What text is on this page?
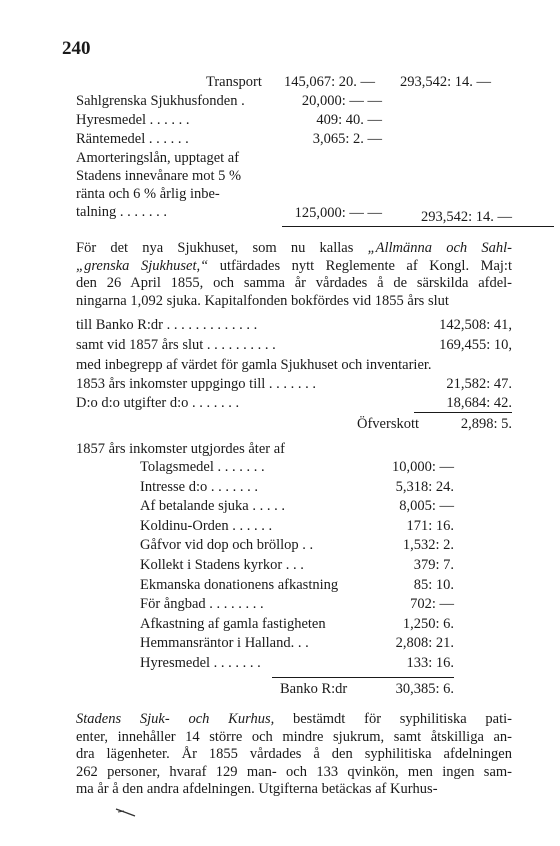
240
Transport 145,067: 20. — 293,542: 14. —
Sahlgrenska Sjukhusfonden .	20,000: — —
Hyresmedel . . . . . .	409: 40. —
Räntemedel . . . . . .	3,065: 2. —
Amorteringslån, upptaget af
Stadens innevånare mot 5 %
ränta och 6 % årlig inbe-
talning . . . . . . .	125,000: — —	293,542: 14. —
För det nya Sjukhuset, som nu kallas „Allmänna och Sahl-
„grenska Sjukhuset,“ utfärdades nytt Reglemente af Kongl. Maj:t
den 26 April 1855, och samma år vårdades å de särskilda afdel-
ningarna 1,092 sjuka. Kapitalfonden bokfördes vid 1855 års slut
till Banko R:dr . . . . . . . . . . . . .	142,508: 41,
samt vid 1857 års slut . . . . . . . . . .	169,455: 10,
med inbegrepp af värdet för gamla Sjukhuset och inventarier.
1853 års inkomster uppgingo till . . . . . . .	21,582: 47.
D:o d:o utgifter d:o . . . . . . .	18,684: 42.
Öfverskott	2,898: 5.
1857 års inkomster utgjordes åter af
Tolagsmedel . . . . . . .	10,000: —
Intresse d:o . . . . . . .	5,318: 24.
Af betalande sjuka . . . . .	8,005: —
Koldinu-Orden . . . . . .	171: 16.
Gåfvor vid dop och bröllop . .	1,532: 2.
Kollekt i Stadens kyrkor . . .	379: 7.
Ekmanska donationens afkastning	85: 10.
För ångbad . . . . . . . .	702: —
Afkastning af gamla fastigheten	1,250: 6.
Hemmansräntor i Halland. . .	2,808: 21.
Hyresmedel . . . . . . .	133: 16.
Banko R:dr	30,385: 6.
Stadens Sjuk- och Kurhus, bestämdt för syphilitiska pati-
enter, innehåller 14 större och mindre sjukrum, samt åtskilliga an-
dra lägenheter. År 1855 vårdades å den syphilitiska afdelningen
262 personer, hvaraf 129 man- och 133 qvinkön, men ingen sam-
ma år å den andra afdelningen. Utgifterna betäckas af Kurhus-
